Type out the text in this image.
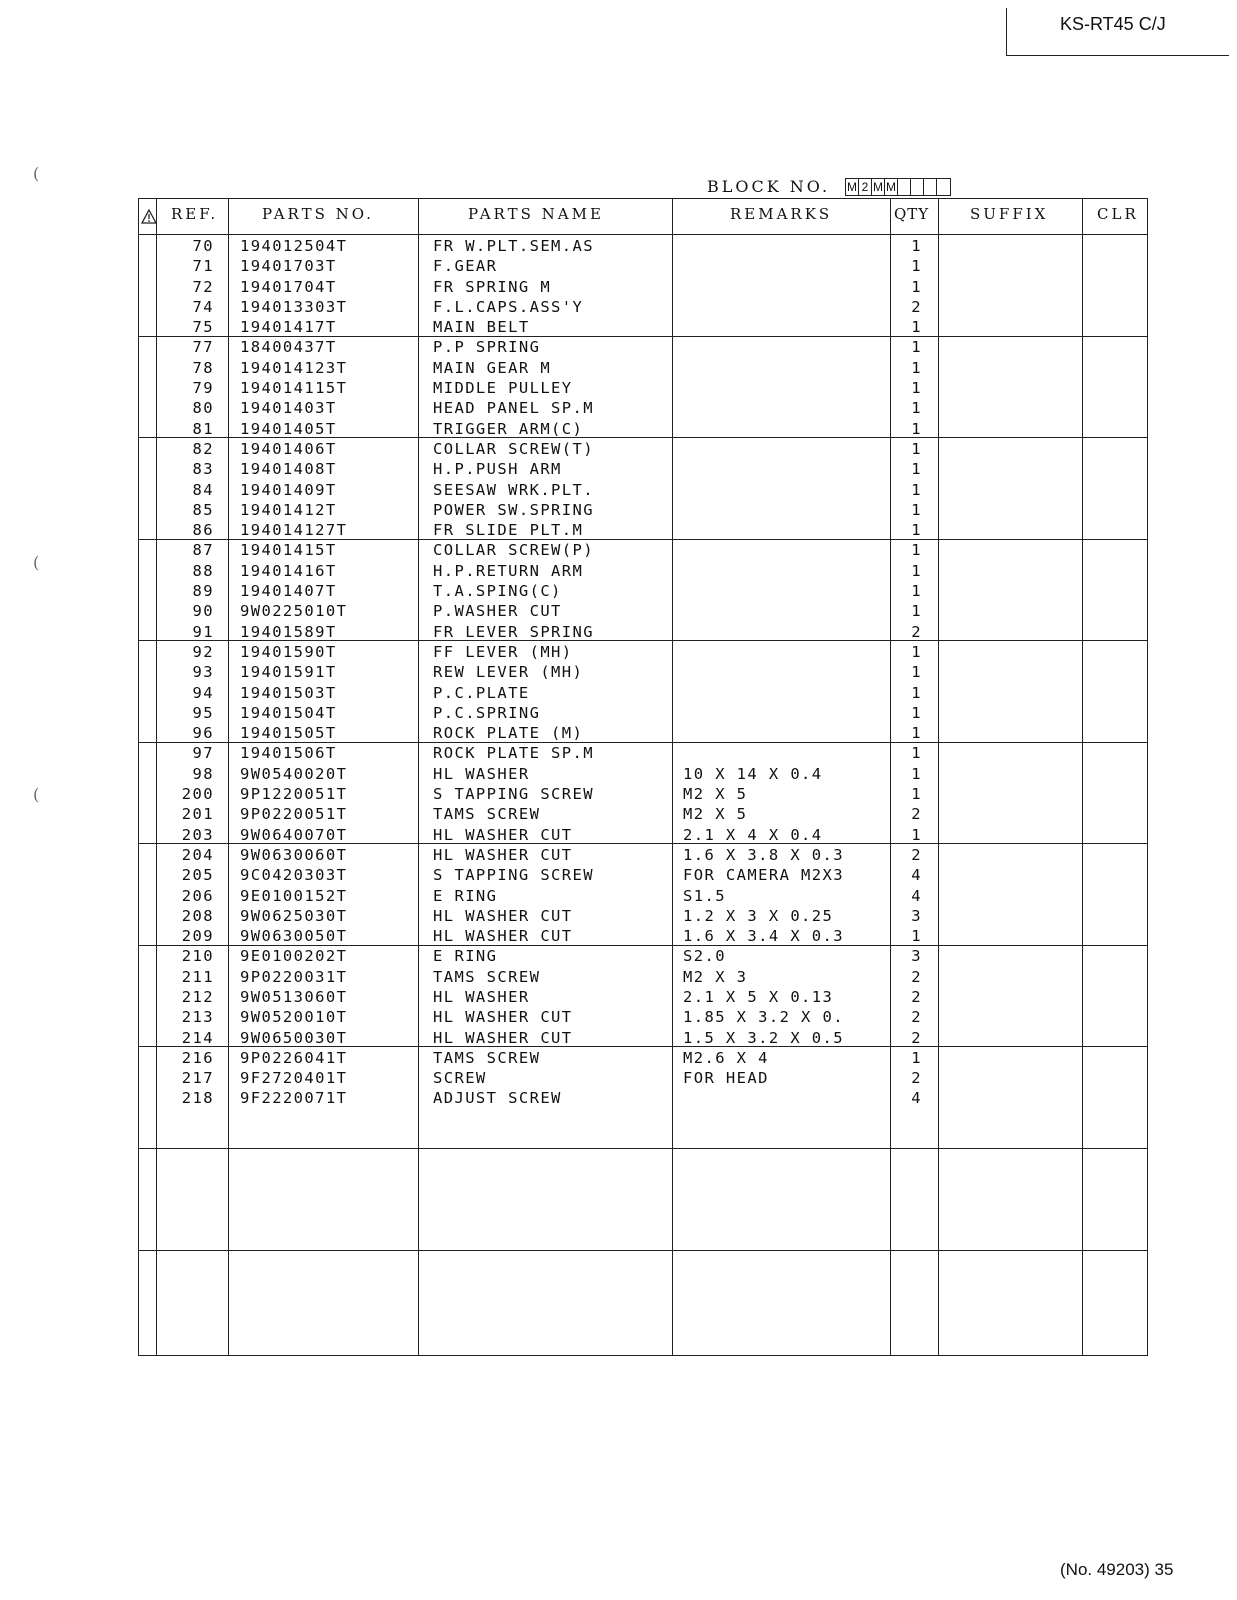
KS-RT45 C/J
BLOCK NO. M 2 M M
REF.	PARTS NO.	PARTS NAME	REMARKS	QTY	SUFFIX	CLR
70 194012504T	FR W.PLT.SEM.AS	1
71 19401703T	F.GEAR	1
72 19401704T	FR SPRING M	1
74 194013303T	F.L.CAPS.ASS'Y	2
75 19401417T	MAIN BELT	1
77 18400437T	P.P SPRING	1
78 194014123T	MAIN GEAR M	1
79 194014115T	MIDDLE PULLEY	1
80 19401403T	HEAD PANEL SP.M	1
81 19401405T	TRIGGER ARM(C)	1
82 19401406T	COLLAR SCREW(T)	1
83 19401408T	H.P.PUSH ARM	1
84 19401409T	SEESAW WRK.PLT.	1
85 19401412T	POWER SW.SPRING	1
86 194014127T	FR SLIDE PLT.M	1
87 19401415T	COLLAR SCREW(P)	1
88 19401416T	H.P.RETURN ARM	1
89 19401407T	T.A.SPING(C)	1
90 9W0225010T	P.WASHER CUT	1
91 19401589T	FR LEVER SPRING	2
92 19401590T	FF LEVER (MH)	1
93 19401591T	REW LEVER (MH)	1
94 19401503T	P.C.PLATE	1
95 19401504T	P.C.SPRING	1
96 19401505T	ROCK PLATE (M)	1
97 19401506T	ROCK PLATE SP.M	1
98 9W0540020T	HL WASHER	10 X 14 X 0.4	1
200 9P1220051T	S TAPPING SCREW	M2 X 5	1
201 9P0220051T	TAMS SCREW	M2 X 5	2
203 9W0640070T	HL WASHER CUT	2.1 X 4 X 0.4	1
204 9W0630060T	HL WASHER CUT	1.6 X 3.8 X 0.3	2
205 9C0420303T	S TAPPING SCREW	FOR CAMERA M2X3	4
206 9E0100152T	E RING	S1.5	4
208 9W0625030T	HL WASHER CUT	1.2 X 3 X 0.25	3
209 9W0630050T	HL WASHER CUT	1.6 X 3.4 X 0.3	1
210 9E0100202T	E RING	S2.0	3
211 9P0220031T	TAMS SCREW	M2 X 3	2
212 9W0513060T	HL WASHER	2.1 X 5 X 0.13	2
213 9W0520010T	HL WASHER CUT	1.85 X 3.2 X 0.	2
214 9W0650030T	HL WASHER CUT	1.5 X 3.2 X 0.5	2
216 9P0226041T	TAMS SCREW	M2.6 X 4	1
217 9F2720401T	SCREW	FOR HEAD	2
218 9F2220071T	ADJUST SCREW	4
(
(
(
(No. 49203) 35
